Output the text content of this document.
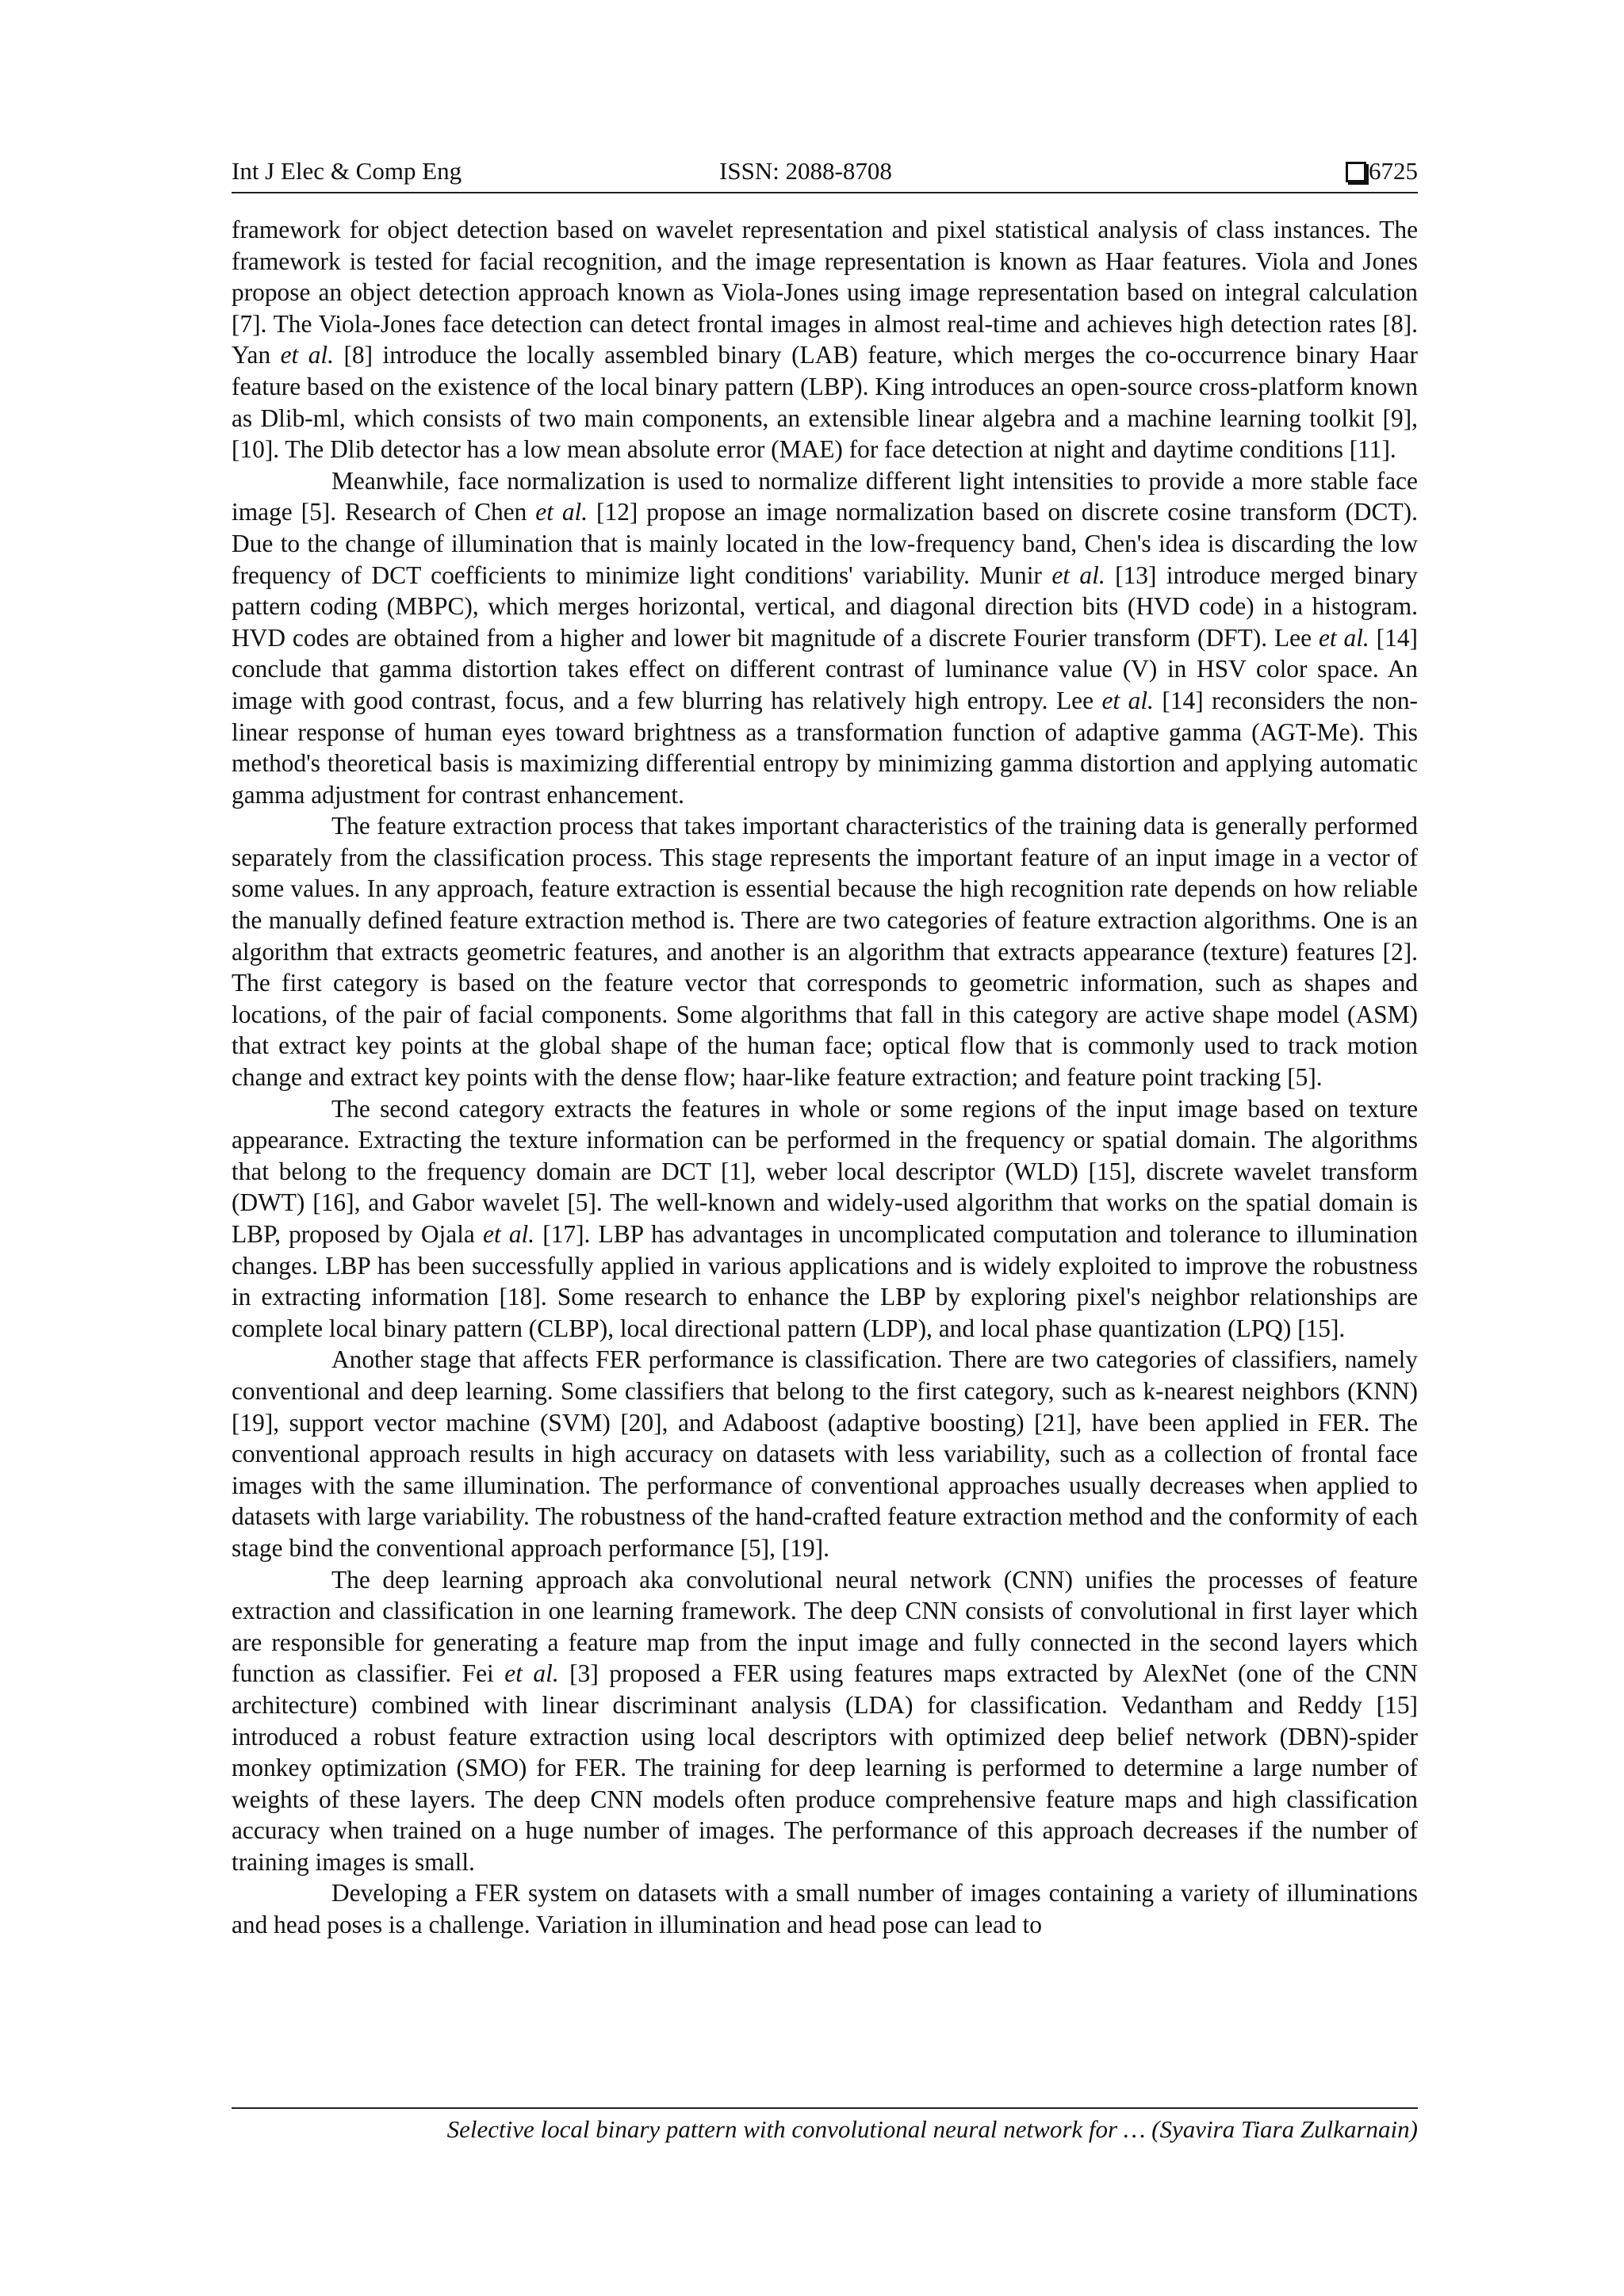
Int J Elec & Comp Eng	ISSN: 2088-8708	6725

framework for object detection based on wavelet representation and pixel statistical analysis of class instances. The framework is tested for facial recognition, and the image representation is known as Haar features. Viola and Jones propose an object detection approach known as Viola-Jones using image representation based on integral calculation [7]. The Viola-Jones face detection can detect frontal images in almost real-time and achieves high detection rates [8]. Yan et al. [8] introduce the locally assembled binary (LAB) feature, which merges the co-occurrence binary Haar feature based on the existence of the local binary pattern (LBP). King introduces an open-source cross-platform known as Dlib-ml, which consists of two main components, an extensible linear algebra and a machine learning toolkit [9], [10]. The Dlib detector has a low mean absolute error (MAE) for face detection at night and daytime conditions [11].

Meanwhile, face normalization is used to normalize different light intensities to provide a more stable face image [5]. Research of Chen et al. [12] propose an image normalization based on discrete cosine transform (DCT). Due to the change of illumination that is mainly located in the low-frequency band, Chen's idea is discarding the low frequency of DCT coefficients to minimize light conditions' variability. Munir et al. [13] introduce merged binary pattern coding (MBPC), which merges horizontal, vertical, and diagonal direction bits (HVD code) in a histogram. HVD codes are obtained from a higher and lower bit magnitude of a discrete Fourier transform (DFT). Lee et al. [14] conclude that gamma distortion takes effect on different contrast of luminance value (V) in HSV color space. An image with good contrast, focus, and a few blurring has relatively high entropy. Lee et al. [14] reconsiders the non-linear response of human eyes toward brightness as a transformation function of adaptive gamma (AGT-Me). This method's theoretical basis is maximizing differential entropy by minimizing gamma distortion and applying automatic gamma adjustment for contrast enhancement.

The feature extraction process that takes important characteristics of the training data is generally performed separately from the classification process. This stage represents the important feature of an input image in a vector of some values. In any approach, feature extraction is essential because the high recognition rate depends on how reliable the manually defined feature extraction method is. There are two categories of feature extraction algorithms. One is an algorithm that extracts geometric features, and another is an algorithm that extracts appearance (texture) features [2]. The first category is based on the feature vector that corresponds to geometric information, such as shapes and locations, of the pair of facial components. Some algorithms that fall in this category are active shape model (ASM) that extract key points at the global shape of the human face; optical flow that is commonly used to track motion change and extract key points with the dense flow; haar-like feature extraction; and feature point tracking [5].

The second category extracts the features in whole or some regions of the input image based on texture appearance. Extracting the texture information can be performed in the frequency or spatial domain. The algorithms that belong to the frequency domain are DCT [1], weber local descriptor (WLD) [15], discrete wavelet transform (DWT) [16], and Gabor wavelet [5]. The well-known and widely-used algorithm that works on the spatial domain is LBP, proposed by Ojala et al. [17]. LBP has advantages in uncomplicated computation and tolerance to illumination changes. LBP has been successfully applied in various applications and is widely exploited to improve the robustness in extracting information [18]. Some research to enhance the LBP by exploring pixel's neighbor relationships are complete local binary pattern (CLBP), local directional pattern (LDP), and local phase quantization (LPQ) [15].

Another stage that affects FER performance is classification. There are two categories of classifiers, namely conventional and deep learning. Some classifiers that belong to the first category, such as k-nearest neighbors (KNN) [19], support vector machine (SVM) [20], and Adaboost (adaptive boosting) [21], have been applied in FER. The conventional approach results in high accuracy on datasets with less variability, such as a collection of frontal face images with the same illumination. The performance of conventional approaches usually decreases when applied to datasets with large variability. The robustness of the hand-crafted feature extraction method and the conformity of each stage bind the conventional approach performance [5], [19].

The deep learning approach aka convolutional neural network (CNN) unifies the processes of feature extraction and classification in one learning framework. The deep CNN consists of convolutional in first layer which are responsible for generating a feature map from the input image and fully connected in the second layers which function as classifier. Fei et al. [3] proposed a FER using features maps extracted by AlexNet (one of the CNN architecture) combined with linear discriminant analysis (LDA) for classification. Vedantham and Reddy [15] introduced a robust feature extraction using local descriptors with optimized deep belief network (DBN)-spider monkey optimization (SMO) for FER. The training for deep learning is performed to determine a large number of weights of these layers. The deep CNN models often produce comprehensive feature maps and high classification accuracy when trained on a huge number of images. The performance of this approach decreases if the number of training images is small.

Developing a FER system on datasets with a small number of images containing a variety of illuminations and head poses is a challenge. Variation in illumination and head pose can lead to

Selective local binary pattern with convolutional neural network for … (Syavira Tiara Zulkarnain)
